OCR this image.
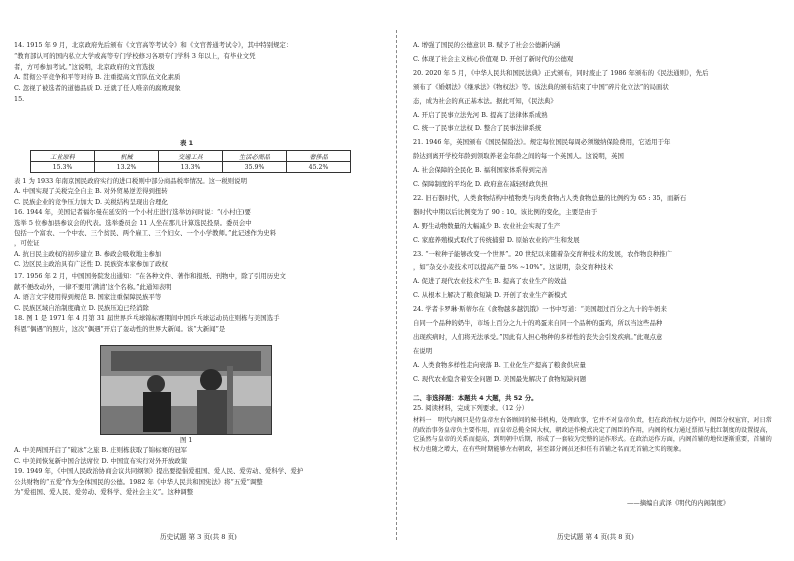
14. 1915 年 9 月，北京政府先后颁布《文官高等考试令》和《文官普通考试令》，其中特别规定：
“教育部认可的国内私立大学或高等专门学校修习各项专门学科 3 年以上，有毕业文凭
者，方可参加考试。”这说明，北京政府的文官选拔
A. 贯彻公平竞争和平等对待 B. 注重提高文官队伍文化素质
C. 忽视了被选者的道德品质 D. 迁就了任人唯亲的腐败现象
15.
表 1
工业原料	机械	交通工具	生活必需品	奢侈品
15.3%	13.2%	13.3%	35.9%	45.2%
表 1 为 1933 年南京国民政府实行的进口税则中部分商品税率情况。这一税则说明
A. 中国实现了关税完全自主 B. 对外贸易逆差得到扭转
C. 民族企业的竞争压力加大 D. 关税结构呈现出合理化
16. 1944 年，美国记者福尔曼在延安的一个小村庄进行选举访问时说：“(小村庄)要
选举 5 位参加县参议会的代表。选举委员会 11 人坐在那儿计算选民投票。委员会中
包括一个富农、一个中农、三个贫民、两个雇工、三个妇女、一个小学教师。”此记述作为史料
，可佐证
A. 抗日民主政权的初步建立 B. 参政会吸收地主参加
C. 边区民主政治具有广泛性 D. 民族资本家参加了政权
17. 1956 年 2 月，中国国务院发出通知：“在各种文件、著作和报纸、刊物中，除了引用历史文
献不便改动外，一律不要用‘满清’这个名称。”此通知表明
A. 语言文字使用得到规范 B. 国家注重保障民族平等
C. 民族区域自治制度确立 D. 民族压迫已经消除
18. 图 1 是 1971 年 4 月第 31 届世界乒乓球锦标赛期间中国乒乓球运动员庄则栋与美国选手
科恩“偶遇”的照片，这次“偶遇”开启了轰动性的世界大新闻。该“大新闻”是
图 1
A. 中美两国开启了“破冰”之旅 B. 庄则栋获取了锦标赛的冠军
C. 中美间恢复新中国合法席位 D. 中国宣布实行对外开放政策
19. 1949 年，《中国人民政治协商会议共同纲领》提出要提倡爱祖国、爱人民、爱劳动、爱科学、爱护
公共财物的“五爱”作为全体国民的公德。1982 年《中华人民共和国宪法》将“五爱”调整
为“爱祖国、爱人民、爱劳动、爱科学、爱社会主义”。这种调整
历史试题 第 3 页(共 8 页)
A. 增强了国民的公德意识 B. 赋予了社会公德新内涵
C. 体现了社会主义核心价值观 D. 开创了新时代的公德观
20. 2020 年 5 月，《中华人民共和国民法典》正式颁布，同时废止了 1986 年颁布的《民法通则》，先后
颁布了《婚姻法》《继承法》《物权法》等。该法典的颁布结束了中国“碎片化立法”的局面状
态，成为社会的真正基本法。据此可知，《民法典》
A. 开启了民事立法先河 B. 提高了法律体系成熟
C. 统一了民事立法权 D. 整合了民事法律系统
21. 1946 年，英国颁布《国民保险法》。规定每位国民每周必须缴纳保险费用，它适用于年
龄达到离开学校年龄到领取养老金年龄之间的每一个英国人。这说明，英国
A. 社会保障的全民化 B. 福利国家体系得到完善
C. 保障制度的平均化 D. 政府意在减轻财政负担
22. 旧石器时代，人类食物结构中植物类与肉类食物占人类食物总量的比例约为 65 : 35，而新石
器时代中期以后比例变为了 90 : 10。该比例的变化，主要是由于
A. 野生动物数量的大幅减少 B. 农业社会实现了生产
C. 家庭养殖模式取代了传统捕猎 D. 原始农业的产生和发展
23. “一粒种子能够改变一个世界”。20 世纪以来随着杂交育种技术的发展，农作物良种推广
，如“杂交小麦技术可以提高产量 5% ~10%”。这说明，杂交育种技术
A. 促进了现代农业技术产生 B. 提高了农业生产的效益
C. 从根本上解决了粮食短缺 D. 开创了农业生产新模式
24. 学者卡罗琳·斯蒂尔在《食物越多越饥饿》一书中写道：“美国超过百分之九十的牛奶来
自同一个品种的奶牛，市场上百分之九十的鸡蛋来自同一个品种的蛋鸡，所以当这些品种
出现疾病时，人们将无法承受。”因此有人担心物种的多样性的丧失会引发疾病。”此观点意
在说明
A. 人类食物多样性走向衰落 B. 工业化生产提高了粮食供应量
C. 现代农业隐含着安全问题 D. 美国最先解决了食物短缺问题
二、非选择题：本题共 4 大题，共 52 分。
25. 阅读材料，完成下列要求。（12 分）
材料一　明代内阁只是侍皇帝左右备顾问的秘书机构，处理政事，它并不对皇帝负责，但在政治权力运作中，阁臣分权宦官，对日常的政治事务皇帝负主要作用，而皇帝总揽全国大权，朝政运作模式决定了阁臣的作用，内阁的权力通过票拟与批红制度的设置提高，它虽然与皇帝的关系而提高，到明朝中后期，形成了一套较为完整的运作形式。在政治运作方面，内阁首辅的地位逐渐重要，首辅的权力也随之增大，在有些时期能够左右朝政，甚至部分阁员还担任有首辅之名而无首辅之实的现象。
——摘编自武泽《明代的内阁制度》
历史试题 第 4 页(共 8 页)
